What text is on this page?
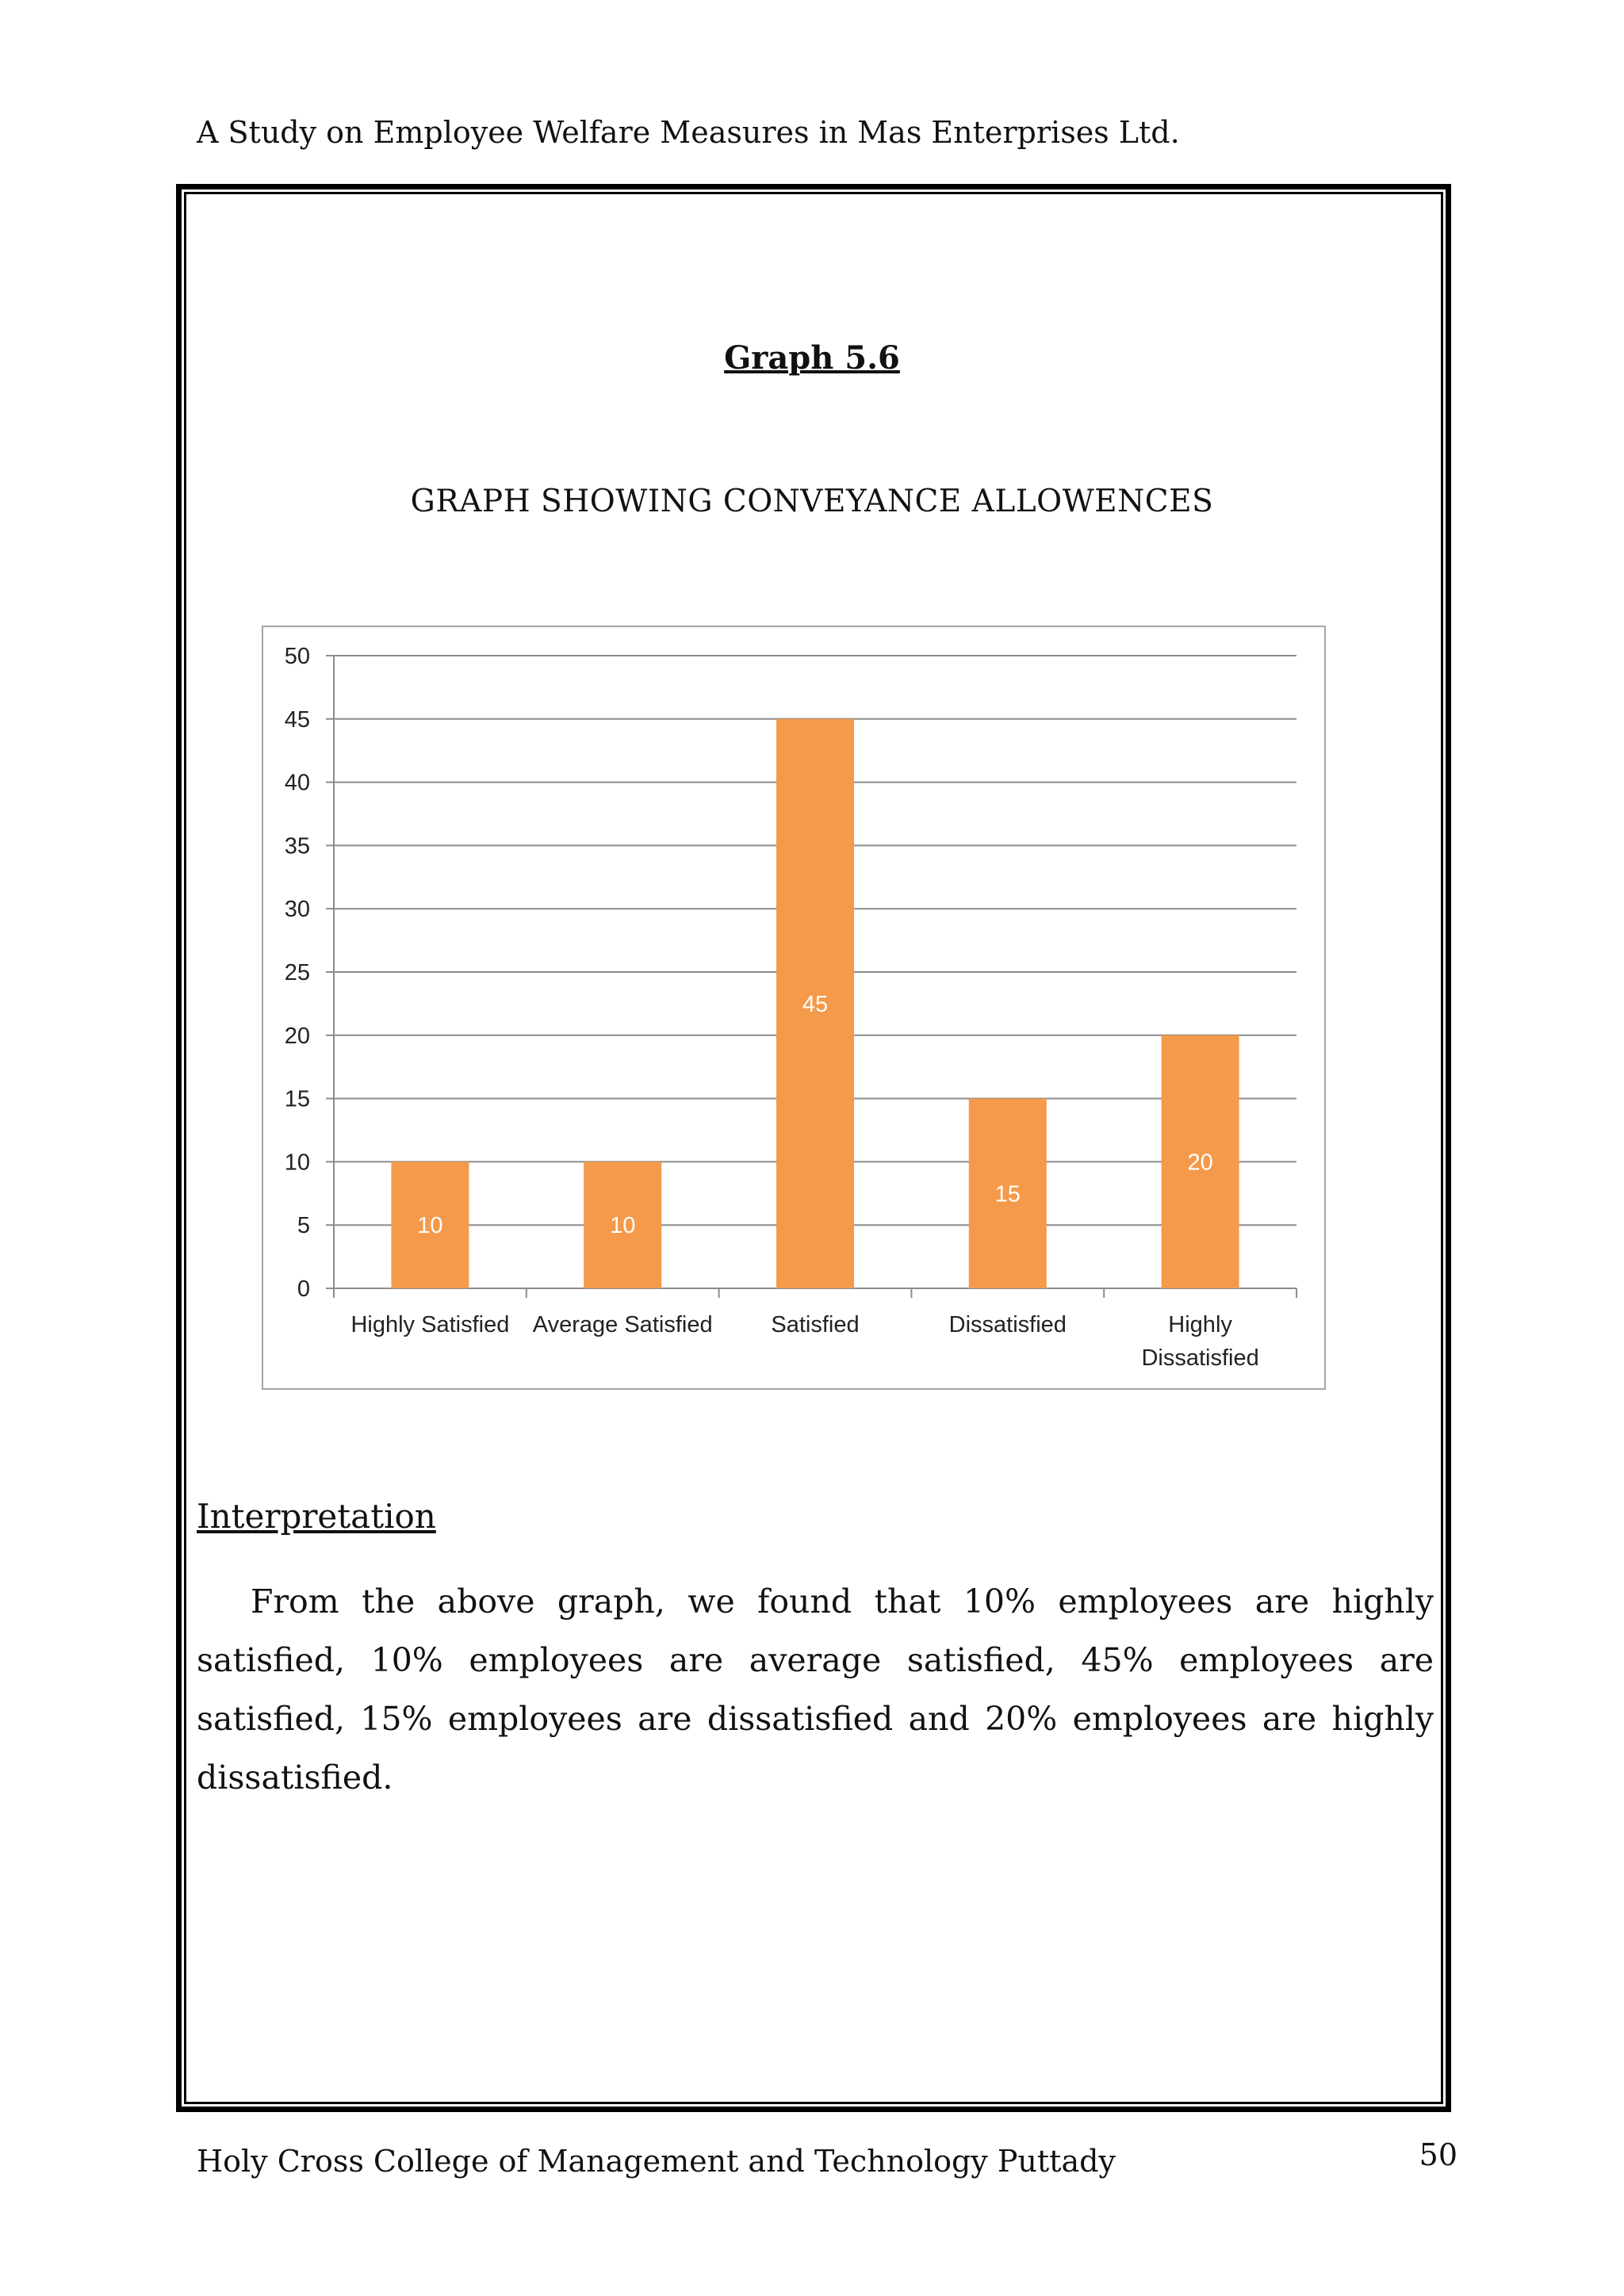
A Study on Employee Welfare Measures in Mas Enterprises Ltd.
Graph 5.6
GRAPH SHOWING CONVEYANCE ALLOWENCES
0
5
10
15
20
25
30
35
40
45
50
10
Highly Satisfied
10
Average Satisfied
45
Satisfied
15
Dissatisfied
20
Highly Dissatisfied
Interpretation
From the above graph, we found that 10% employees are highly satisfied, 10% employees are average satisfied, 45% employees are satisfied, 15% employees are dissatisfied and 20% employees are highly dissatisfied.
Holy Cross College of Management and Technology Puttady	50
